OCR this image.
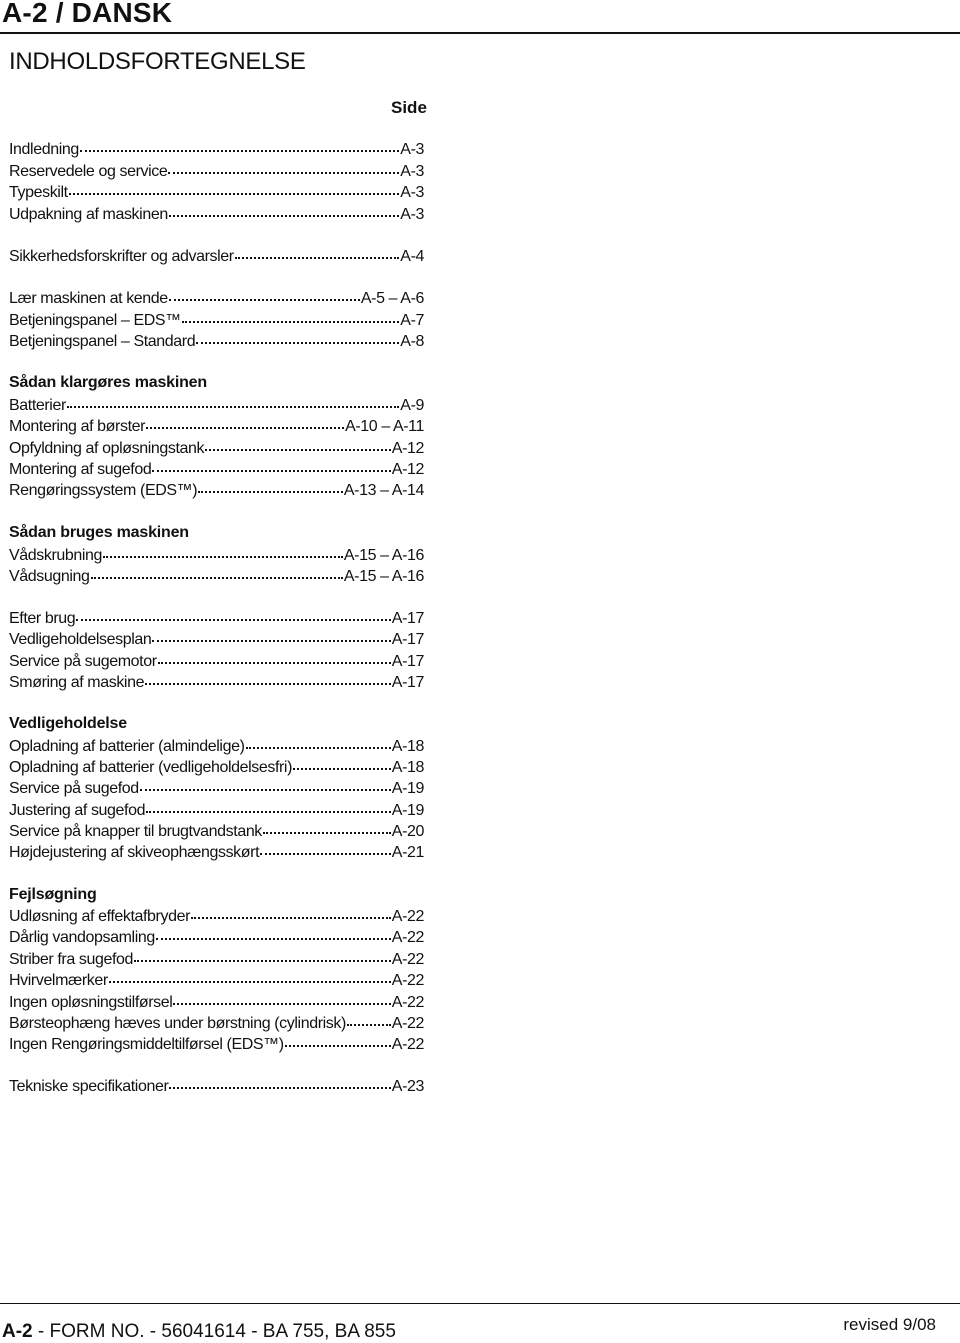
A-2 / DANSK
INDHOLDSFORTEGNELSE
Side
Indledning	A-3
Reservedele og service	A-3
Typeskilt	A-3
Udpakning af maskinen	A-3
Sikkerhedsforskrifter og advarsler	A-4
Lær maskinen at kende	A-5 – A-6
Betjeningspanel – EDS™	A-7
Betjeningspanel – Standard	A-8
Sådan klargøres maskinen
Batterier	A-9
Montering af børster	A-10 – A-11
Opfyldning af opløsningstank	A-12
Montering af sugefod	A-12
Rengøringssystem (EDS™)	A-13 – A-14
Sådan bruges maskinen
Vådskrubning	A-15 – A-16
Vådsugning	A-15 – A-16
Efter brug	A-17
Vedligeholdelsesplan	A-17
Service på sugemotor	A-17
Smøring af maskine	A-17
Vedligeholdelse
Opladning af batterier (almindelige)	A-18
Opladning af batterier (vedligeholdelsesfri)	A-18
Service på sugefod	A-19
Justering af sugefod	A-19
Service på knapper til brugtvandstank	A-20
Højdejustering af skiveophængsskørt	A-21
Fejlsøgning
Udløsning af effektafbryder	A-22
Dårlig vandopsamling	A-22
Striber fra sugefod	A-22
Hvirvelmærker	A-22
Ingen opløsningstilførsel	A-22
Børsteophæng hæves under børstning (cylindrisk)	A-22
Ingen Rengøringsmiddeltilførsel (EDS™)	A-22
Tekniske specifikationer	A-23
A-2 - FORM NO. - 56041614 - BA 755, BA 855	revised 9/08
